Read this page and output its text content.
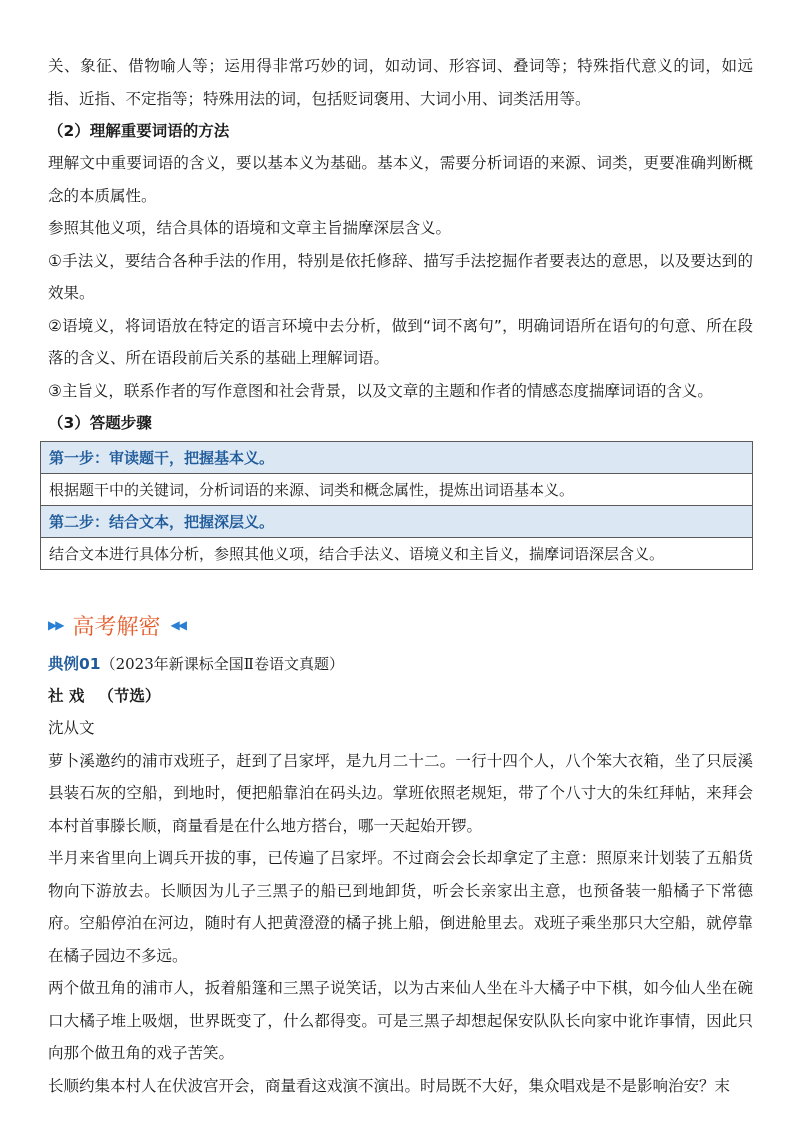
关、象征、借物喻人等；运用得非常巧妙的词，如动词、形容词、叠词等；特殊指代意义的词，如远指、近指、不定指等；特殊用法的词，包括贬词褒用、大词小用、词类活用等。

（2）理解重要词语的方法

理解文中重要词语的含义，要以基本义为基础。基本义，需要分析词语的来源、词类，更要准确判断概念的本质属性。

参照其他义项，结合具体的语境和文章主旨揣摩深层含义。

①手法义，要结合各种手法的作用，特别是依托修辞、描写手法挖掘作者要表达的意思，以及要达到的效果。

②语境义，将词语放在特定的语言环境中去分析，做到“词不离句”，明确词语所在语句的句意、所在段落的含义、所在语段前后关系的基础上理解词语。

③主旨义，联系作者的写作意图和社会背景，以及文章的主题和作者的情感态度揣摩词语的含义。

（3）答题步骤

第一步：审读题干，把握基本义。
根据题干中的关键词，分析词语的来源、词类和概念属性，提炼出词语基本义。
第二步：结合文本，把握深层义。
结合文本进行具体分析，参照其他义项，结合手法义、语境义和主旨义，揣摩词语深层含义。
▶▶ 高考解密 ◀◀

典例01（2023年新课标全国Ⅱ卷语文真题）

社 戏 （节选）

沈从文

萝卜溪邀约的浦市戏班子，赶到了吕家坪，是九月二十二。一行十四个人，八个笨大衣箱，坐了只辰溪县装石灰的空船，到地时，便把船靠泊在码头边。掌班依照老规矩，带了个八寸大的朱红拜帖，来拜会本村首事滕长顺，商量看是在什么地方搭台，哪一天起始开锣。

半月来省里向上调兵开拔的事，已传遍了吕家坪。不过商会会长却拿定了主意：照原来计划装了五船货物向下游放去。长顺因为儿子三黑子的船已到地卸货，听会长亲家出主意，也预备装一船橘子下常德府。空船停泊在河边，随时有人把黄澄澄的橘子挑上船，倒进舱里去。戏班子乘坐那只大空船，就停靠在橘子园边不多远。

两个做丑角的浦市人，扳着船篷和三黑子说笑话，以为古来仙人坐在斗大橘子中下棋，如今仙人坐在碗口大橘子堆上吸烟，世界既变了，什么都得变。可是三黑子却想起保安队队长向家中讹诈事情，因此只向那个做丑角的戏子苦笑。

长顺约集本村人在伏波宫开会，商量看这戏演不演出。时局既不大好，集众唱戏是不是影响治安？末
